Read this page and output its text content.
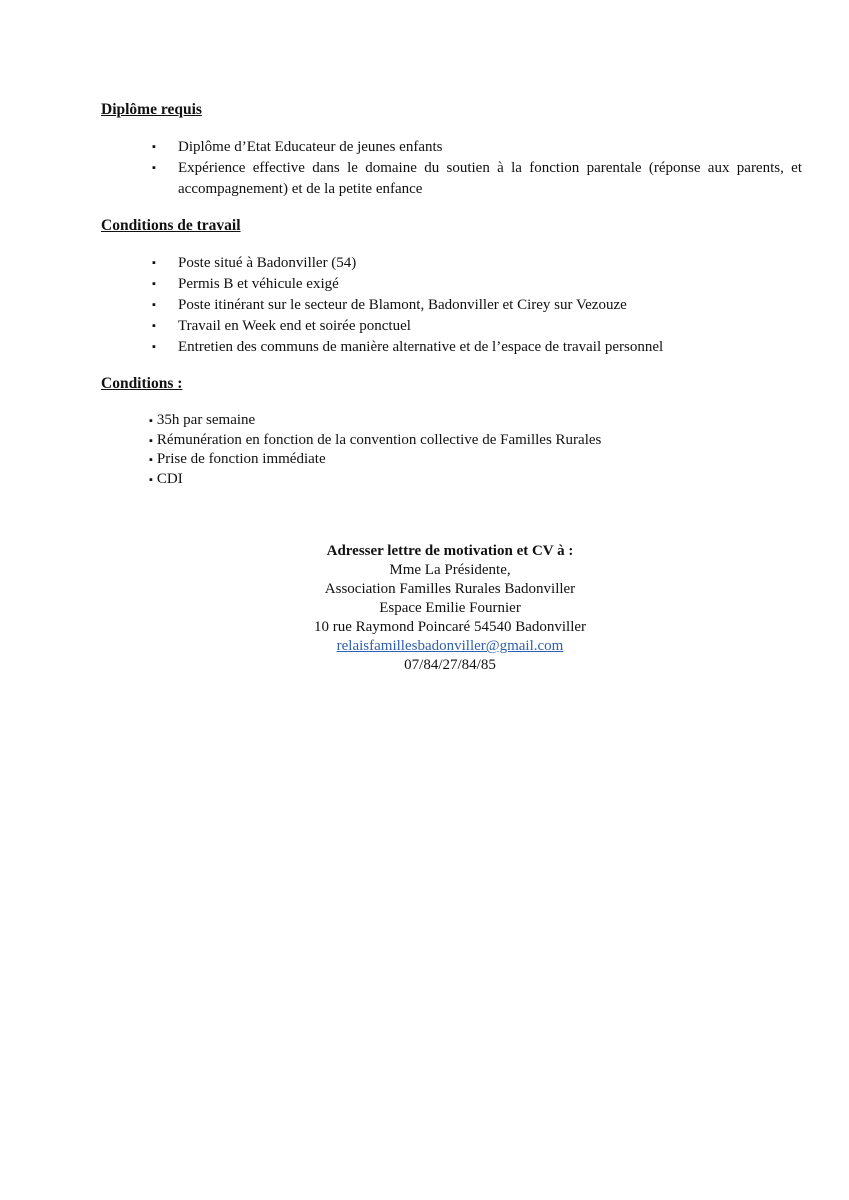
Diplôme requis
▪ Diplôme d’Etat Educateur de jeunes enfants
▪ Expérience effective dans le domaine du soutien à la fonction parentale (réponse aux parents, et accompagnement) et de la petite enfance
Conditions de travail
▪ Poste situé à Badonviller (54)
▪ Permis B et véhicule exigé
▪ Poste itinérant sur le secteur de Blamont, Badonviller et Cirey sur Vezouze
▪ Travail en Week end et soirée ponctuel
▪ Entretien des communs de manière alternative et de l’espace de travail personnel
Conditions :
▪ 35h par semaine
▪ Rémunération en fonction de la convention collective de Familles Rurales
▪ Prise de fonction immédiate
▪ CDI
Adresser lettre de motivation et CV à :
Mme La Présidente,
Association Familles Rurales Badonviller
Espace Emilie Fournier
10 rue Raymond Poincaré 54540 Badonviller
relaisfamillesbadonviller@gmail.com
07/84/27/84/85
